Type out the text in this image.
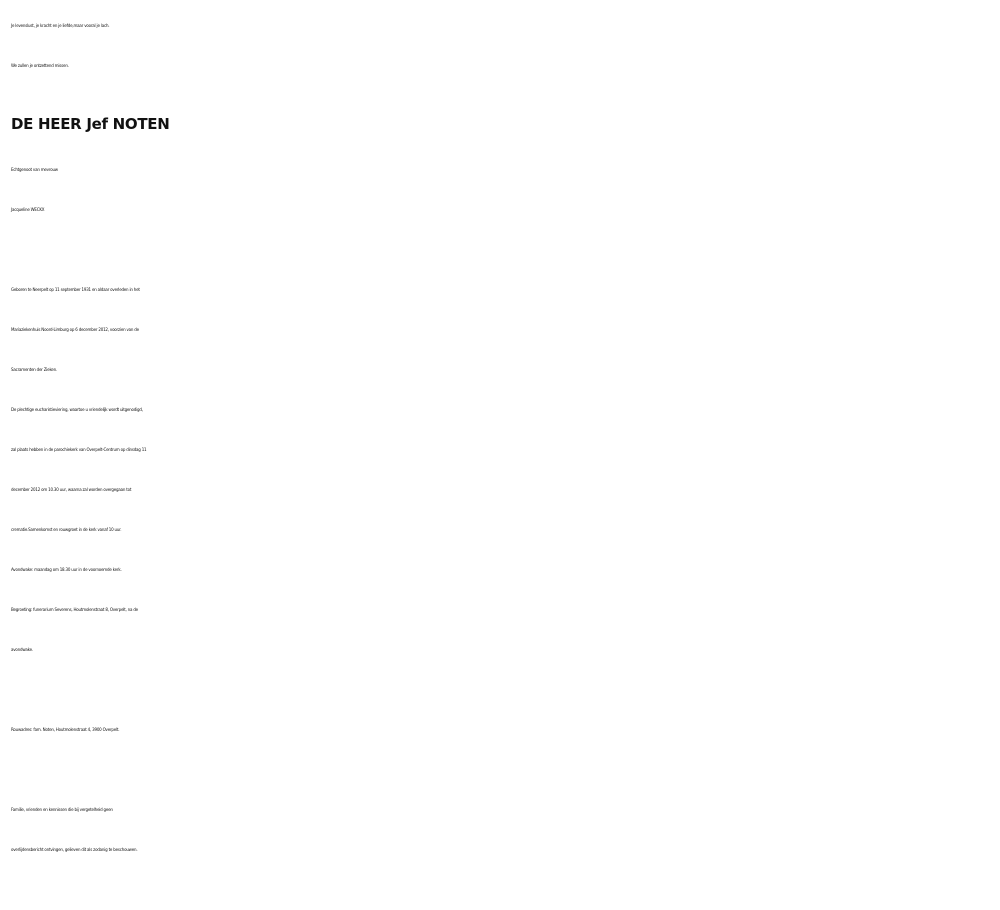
Je levenslust, je kracht en je liefde,maar vooral je lach.
We zullen je ontzettend missen.
DE HEER Jef NOTEN
Echtgenoot van mevrouw
Jacqueline WECKX
Geboren te Neerpelt op 11 september 1931 en aldaar overleden in het
Mariaziekenhuis Noord-Limburg op 6 december 2012, voorzien van de
Sacramenten der Zieken.
De plechtige eucharistieviering, waartoe u vriendelijk wordt uitgenodigd,
zal plaats hebben in de parochiekerk van Overpelt-Centrum op dinsdag 11
december 2012 om 10.30 uur, waarna zal worden overgegaan tot
crematie.Samenkomst en rouwgroet in de kerk vanaf 10 uur.
Avondwake: maandag om 18.30 uur in de voornoemde kerk.
Begroeting: funerarium Severens, Houtmolenstraat 8, Overpelt, na de
avondwake.
Rouwadres: fam. Noten, Houtmolenstraat 4, 3900 Overpelt.
Familie, vrienden en kennissen die bij vergetelheid geen
overlijdensbericht ontvingen, gelieven dit als zodanig te beschouwen.
